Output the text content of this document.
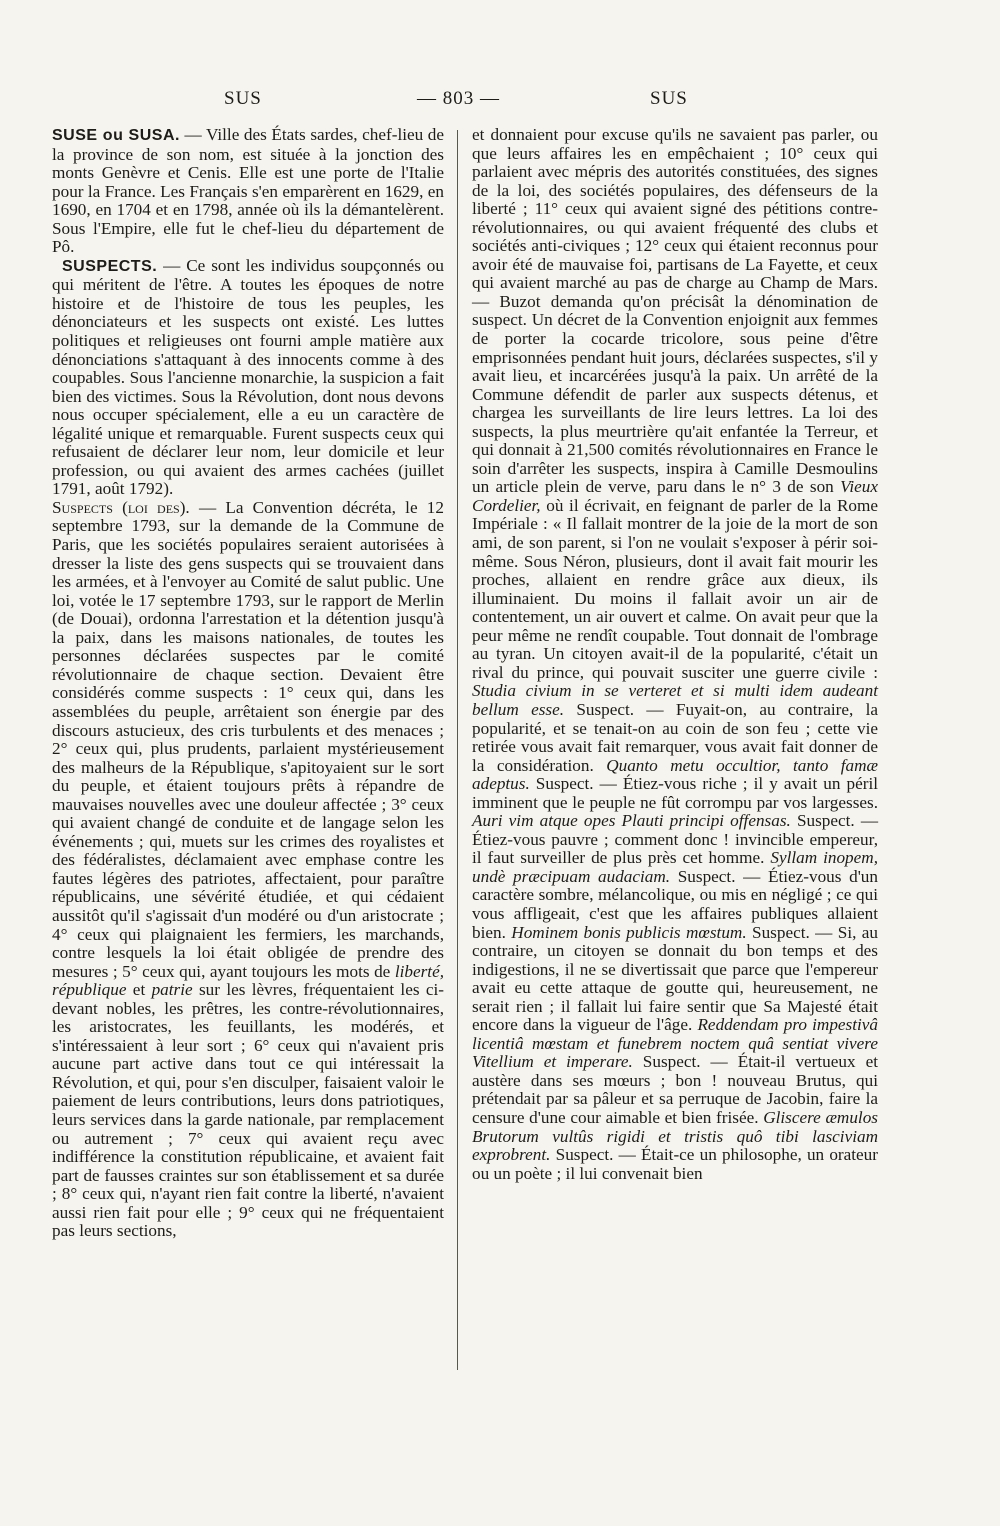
SUS	— 803 —	SUS

SUSE ou SUSA. — Ville des États sardes, chef-lieu de la province de son nom, est située à la jonction des monts Genèvre et Cenis. Elle est une porte de l'Italie pour la France. Les Français s'en emparèrent en 1629, en 1690, en 1704 et en 1798, année où ils la démantelèrent. Sous l'Empire, elle fut le chef-lieu du département de Pô.

SUSPECTS. — Ce sont les individus soupçonnés ou qui méritent de l'être. A toutes les époques de notre histoire et de l'histoire de tous les peuples, les dénonciateurs et les suspects ont existé. Les luttes politiques et religieuses ont fourni ample matière aux dénonciations s'attaquant à des innocents comme à des coupables. Sous l'ancienne monarchie, la suspicion a fait bien des victimes. Sous la Révolution, dont nous devons nous occuper spécialement, elle a eu un caractère de légalité unique et remarquable. Furent suspects ceux qui refusaient de déclarer leur nom, leur domicile et leur profession, ou qui avaient des armes cachées (juillet 1791, août 1792).

Suspects (loi des). — La Convention décréta, le 12 septembre 1793, sur la demande de la Commune de Paris, que les sociétés populaires seraient autorisées à dresser la liste des gens suspects qui se trouvaient dans les armées, et à l'envoyer au Comité de salut public. Une loi, votée le 17 septembre 1793, sur le rapport de Merlin (de Douai), ordonna l'arrestation et la détention jusqu'à la paix, dans les maisons nationales, de toutes les personnes déclarées suspectes par le comité révolutionnaire de chaque section. Devaient être considérés comme suspects : 1° ceux qui, dans les assemblées du peuple, arrêtaient son énergie par des discours astucieux, des cris turbulents et des menaces ; 2° ceux qui, plus prudents, parlaient mystérieusement des malheurs de la République, s'apitoyaient sur le sort du peuple, et étaient toujours prêts à répandre de mauvaises nouvelles avec une douleur affectée ; 3° ceux qui avaient changé de conduite et de langage selon les événements ; qui, muets sur les crimes des royalistes et des fédéralistes, déclamaient avec emphase contre les fautes légères des patriotes, affectaient, pour paraître républicains, une sévérité étudiée, et qui cédaient aussitôt qu'il s'agissait d'un modéré ou d'un aristocrate ; 4° ceux qui plaignaient les fermiers, les marchands, contre lesquels la loi était obligée de prendre des mesures ; 5° ceux qui, ayant toujours les mots de liberté, république et patrie sur les lèvres, fréquentaient les ci-devant nobles, les prêtres, les contre-révolutionnaires, les aristocrates, les feuillants, les modérés, et s'intéressaient à leur sort ; 6° ceux qui n'avaient pris aucune part active dans tout ce qui intéressait la Révolution, et qui, pour s'en disculper, faisaient valoir le paiement de leurs contributions, leurs dons patriotiques, leurs services dans la garde nationale, par remplacement ou autrement ; 7° ceux qui avaient reçu avec indifférence la constitution républicaine, et avaient fait part de fausses craintes sur son établissement et sa durée ; 8° ceux qui, n'ayant rien fait contre la liberté, n'avaient aussi rien fait pour elle ; 9° ceux qui ne fréquentaient pas leurs sections,

et donnaient pour excuse qu'ils ne savaient pas parler, ou que leurs affaires les en empêchaient ; 10° ceux qui parlaient avec mépris des autorités constituées, des signes de la loi, des sociétés populaires, des défenseurs de la liberté ; 11° ceux qui avaient signé des pétitions contre-révolutionnaires, ou qui avaient fréquenté des clubs et sociétés anti-civiques ; 12° ceux qui étaient reconnus pour avoir été de mauvaise foi, partisans de La Fayette, et ceux qui avaient marché au pas de charge au Champ de Mars. — Buzot demanda qu'on précisât la dénomination de suspect. Un décret de la Convention enjoignit aux femmes de porter la cocarde tricolore, sous peine d'être emprisonnées pendant huit jours, déclarées suspectes, s'il y avait lieu, et incarcérées jusqu'à la paix. Un arrêté de la Commune défendit de parler aux suspects détenus, et chargea les surveillants de lire leurs lettres. La loi des suspects, la plus meurtrière qu'ait enfantée la Terreur, et qui donnait à 21,500 comités révolutionnaires en France le soin d'arrêter les suspects, inspira à Camille Desmoulins un article plein de verve, paru dans le n° 3 de son Vieux Cordelier, où il écrivait, en feignant de parler de la Rome Impériale : « Il fallait montrer de la joie de la mort de son ami, de son parent, si l'on ne voulait s'exposer à périr soi-même. Sous Néron, plusieurs, dont il avait fait mourir les proches, allaient en rendre grâce aux dieux, ils illuminaient. Du moins il fallait avoir un air de contentement, un air ouvert et calme. On avait peur que la peur même ne rendît coupable. Tout donnait de l'ombrage au tyran. Un citoyen avait-il de la popularité, c'était un rival du prince, qui pouvait susciter une guerre civile : Studia civium in se verteret et si multi idem audeant bellum esse. Suspect. — Fuyait-on, au contraire, la popularité, et se tenait-on au coin de son feu ; cette vie retirée vous avait fait remarquer, vous avait fait donner de la considération. Quanto metu occultior, tanto famæ adeptus. Suspect. — Étiez-vous riche ; il y avait un péril imminent que le peuple ne fût corrompu par vos largesses. Auri vim atque opes Plauti principi offensas. Suspect. — Étiez-vous pauvre ; comment donc ! invincible empereur, il faut surveiller de plus près cet homme. Syllam inopem, undè præcipuam audaciam. Suspect. — Étiez-vous d'un caractère sombre, mélancolique, ou mis en négligé ; ce qui vous affligeait, c'est que les affaires publiques allaient bien. Hominem bonis publicis mœstum. Suspect. — Si, au contraire, un citoyen se donnait du bon temps et des indigestions, il ne se divertissait que parce que l'empereur avait eu cette attaque de goutte qui, heureusement, ne serait rien ; il fallait lui faire sentir que Sa Majesté était encore dans la vigueur de l'âge. Reddendam pro impestivâ licentiâ mœstam et funebrem noctem quâ sentiat vivere Vitellium et imperare. Suspect. — Était-il vertueux et austère dans ses mœurs ; bon ! nouveau Brutus, qui prétendait par sa pâleur et sa perruque de Jacobin, faire la censure d'une cour aimable et bien frisée. Gliscere æmulos Brutorum vultûs rigidi et tristis quô tibi lasciviam exprobrent. Suspect. — Était-ce un philosophe, un orateur ou un poète ; il lui convenait bien
